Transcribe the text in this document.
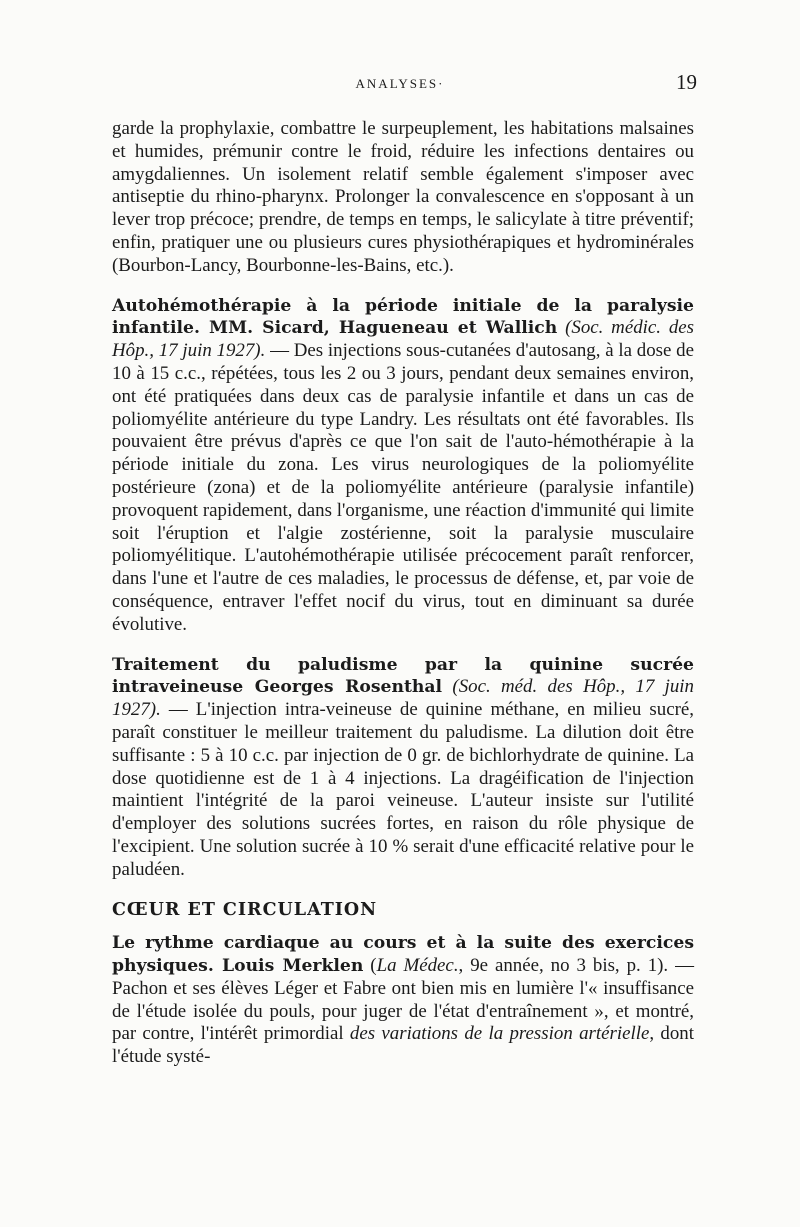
ANALYSES·	19

garde la prophylaxie, combattre le surpeuplement, les habitations malsaines et humides, prémunir contre le froid, réduire les infections dentaires ou amygdaliennes. Un isolement relatif semble également s'imposer avec antiseptie du rhino-pharynx. Prolonger la convalescence en s'opposant à un lever trop précoce; prendre, de temps en temps, le salicylate à titre préventif; enfin, pratiquer une ou plusieurs cures physiothérapiques et hydrominérales (Bourbon-Lancy, Bourbonne-les-Bains, etc.).

Autohémothérapie à la période initiale de la paralysie infantile. MM. Sicard, Hagueneau et Wallich (Soc. médic. des Hôp., 17 juin 1927). — Des injections sous-cutanées d'autosang, à la dose de 10 à 15 c.c., répétées, tous les 2 ou 3 jours, pendant deux semaines environ, ont été pratiquées dans deux cas de paralysie infantile et dans un cas de poliomyélite antérieure du type Landry. Les résultats ont été favorables. Ils pouvaient être prévus d'après ce que l'on sait de l'auto-hémothérapie à la période initiale du zona. Les virus neurologiques de la poliomyélite postérieure (zona) et de la poliomyélite antérieure (paralysie infantile) provoquent rapidement, dans l'organisme, une réaction d'immunité qui limite soit l'éruption et l'algie zostérienne, soit la paralysie musculaire poliomyélitique. L'autohémothérapie utilisée précocement paraît renforcer, dans l'une et l'autre de ces maladies, le processus de défense, et, par voie de conséquence, entraver l'effet nocif du virus, tout en diminuant sa durée évolutive.

Traitement du paludisme par la quinine sucrée intraveineuse Georges Rosenthal (Soc. méd. des Hôp., 17 juin 1927). — L'injection intra-veineuse de quinine méthane, en milieu sucré, paraît constituer le meilleur traitement du paludisme. La dilution doit être suffisante : 5 à 10 c.c. par injection de 0 gr. de bichlorhydrate de quinine. La dose quotidienne est de 1 à 4 injections. La dragéification de l'injection maintient l'intégrité de la paroi veineuse. L'auteur insiste sur l'utilité d'employer des solutions sucrées fortes, en raison du rôle physique de l'excipient. Une solution sucrée à 10 % serait d'une efficacité relative pour le paludéen.

CŒUR ET CIRCULATION

Le rythme cardiaque au cours et à la suite des exercices physiques. Louis Merklen (La Médec., 9e année, no 3 bis, p. 1). — Pachon et ses élèves Léger et Fabre ont bien mis en lumière l'« insuffisance de l'étude isolée du pouls, pour juger de l'état d'entraînement », et montré, par contre, l'intérêt primordial des variations de la pression artérielle, dont l'étude systé-
